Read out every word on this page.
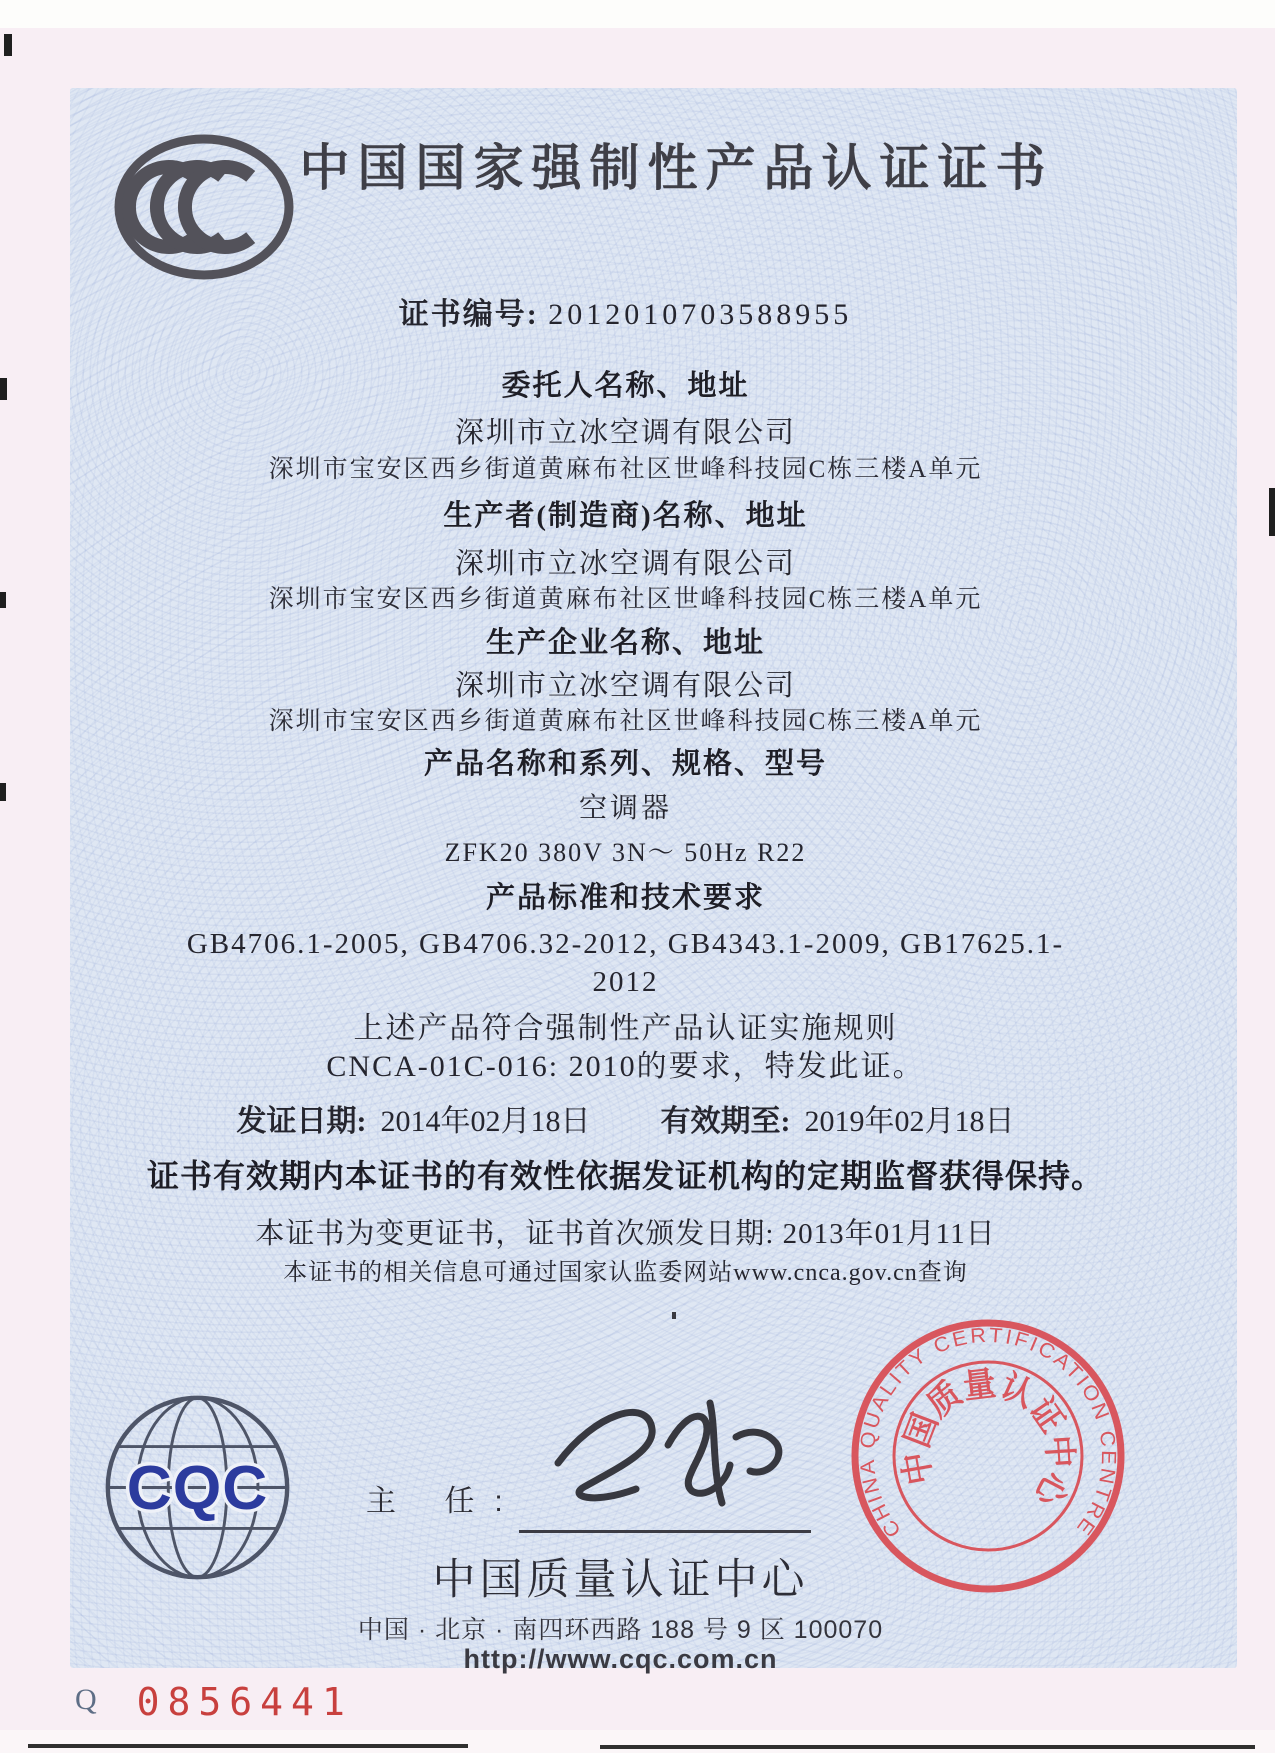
中国国家强制性产品认证证书
证书编号: 2012010703588955
委托人名称、地址
深圳市立冰空调有限公司
深圳市宝安区西乡街道黄麻布社区世峰科技园C栋三楼A单元
生产者(制造商)名称、地址
深圳市立冰空调有限公司
深圳市宝安区西乡街道黄麻布社区世峰科技园C栋三楼A单元
生产企业名称、地址
深圳市立冰空调有限公司
深圳市宝安区西乡街道黄麻布社区世峰科技园C栋三楼A单元
产品名称和系列、规格、型号
空调器
ZFK20 380V 3N～ 50Hz R22
产品标准和技术要求
GB4706.1-2005, GB4706.32-2012, GB4343.1-2009, GB17625.1-
2012
上述产品符合强制性产品认证实施规则
CNCA-01C-016: 2010的要求，特发此证。
发证日期: 2014年02月18日 有效期至: 2019年02月18日
证书有效期内本证书的有效性依据发证机构的定期监督获得保持。
本证书为变更证书，证书首次颁发日期: 2013年01月11日
本证书的相关信息可通过国家认监委网站www.cnca.gov.cn查询
CQC	主 任:
中国质量认证中心
中国 · 北京 · 南四环西路 188 号 9 区 100070
http://www.cqc.com.cn
CHINA QUALITY CERTIFICATION CENTRE
中国质量认证中心
Q 0856441
